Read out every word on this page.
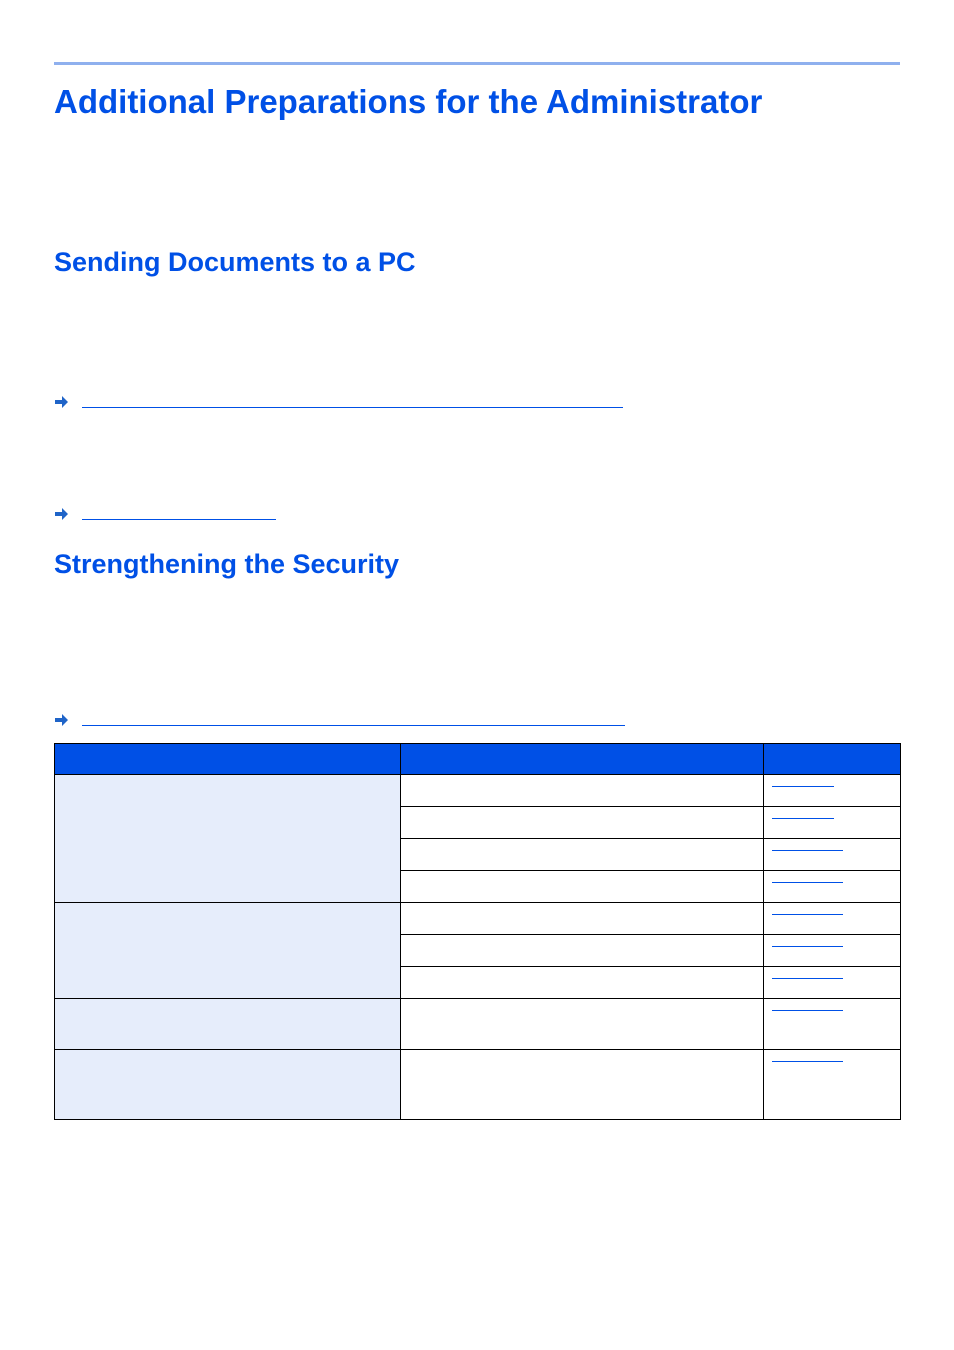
Additional Preparations for the Administrator
Sending Documents to a PC
Strengthening the Security
